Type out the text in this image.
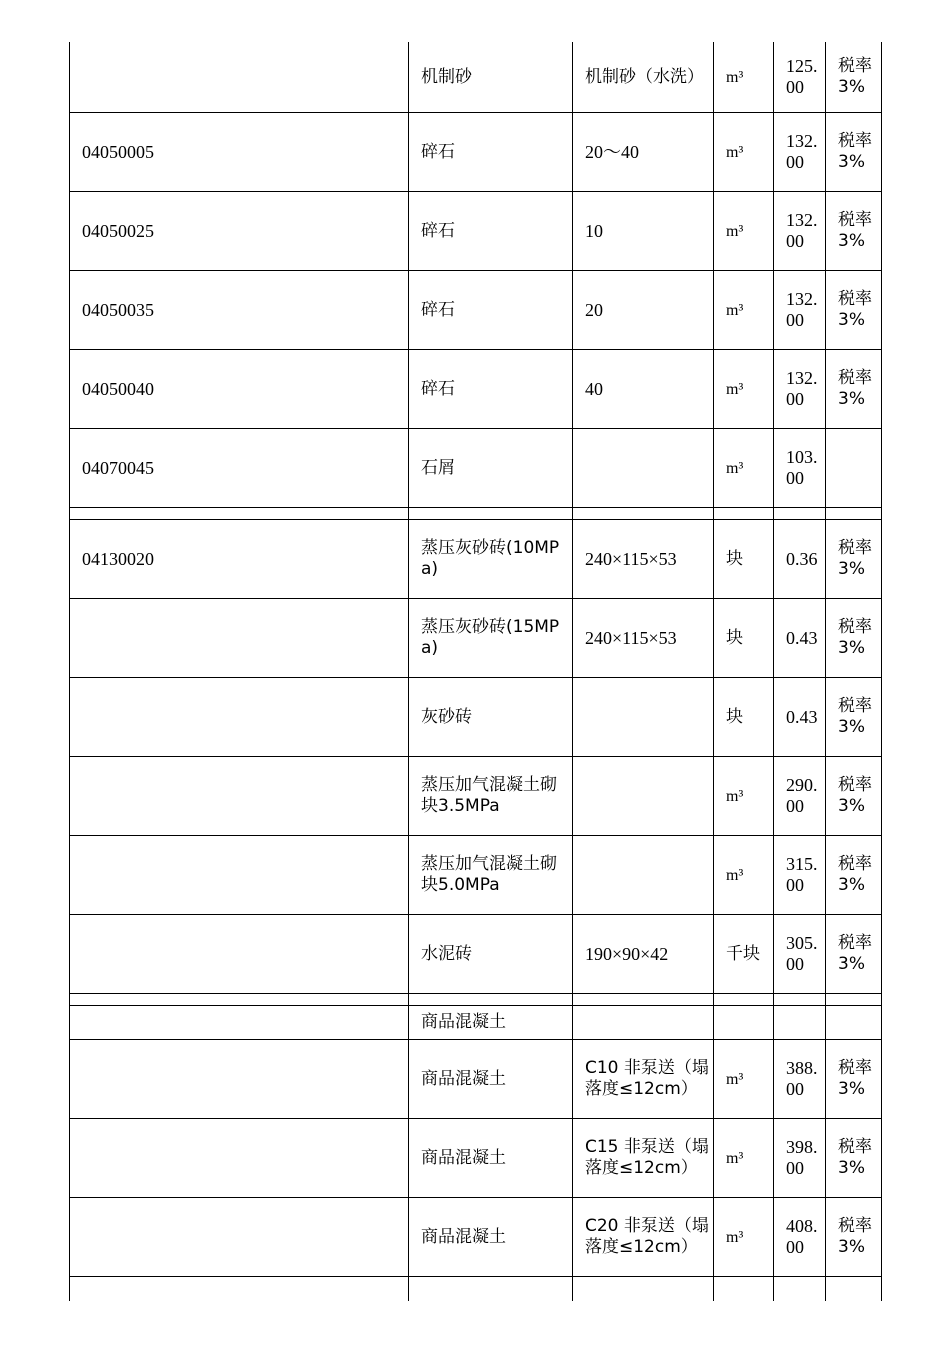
	机制砂	机制砂（水洗）	m³	125.00	税率3%
04050005	碎石	20～40	m³	132.00	税率3%
04050025	碎石	10	m³	132.00	税率3%
04050035	碎石	20	m³	132.00	税率3%
04050040	碎石	40	m³	132.00	税率3%
04070045	石屑		m³	103.00	

04130020	蒸压灰砂砖(10MPa)	240×115×53	块	0.36	税率3%
	蒸压灰砂砖(15MPa)	240×115×53	块	0.43	税率3%
	灰砂砖		块	0.43	税率3%
	蒸压加气混凝土砌块3.5MPa		m³	290.00	税率3%
	蒸压加气混凝土砌块5.0MPa		m³	315.00	税率3%
	水泥砖	190×90×42	千块	305.00	税率3%

	商品混凝土				
	商品混凝土	C10 非泵送（塌落度≤12cm）	m³	388.00	税率3%
	商品混凝土	C15 非泵送（塌落度≤12cm）	m³	398.00	税率3%
	商品混凝土	C20 非泵送（塌落度≤12cm）	m³	408.00	税率3%
